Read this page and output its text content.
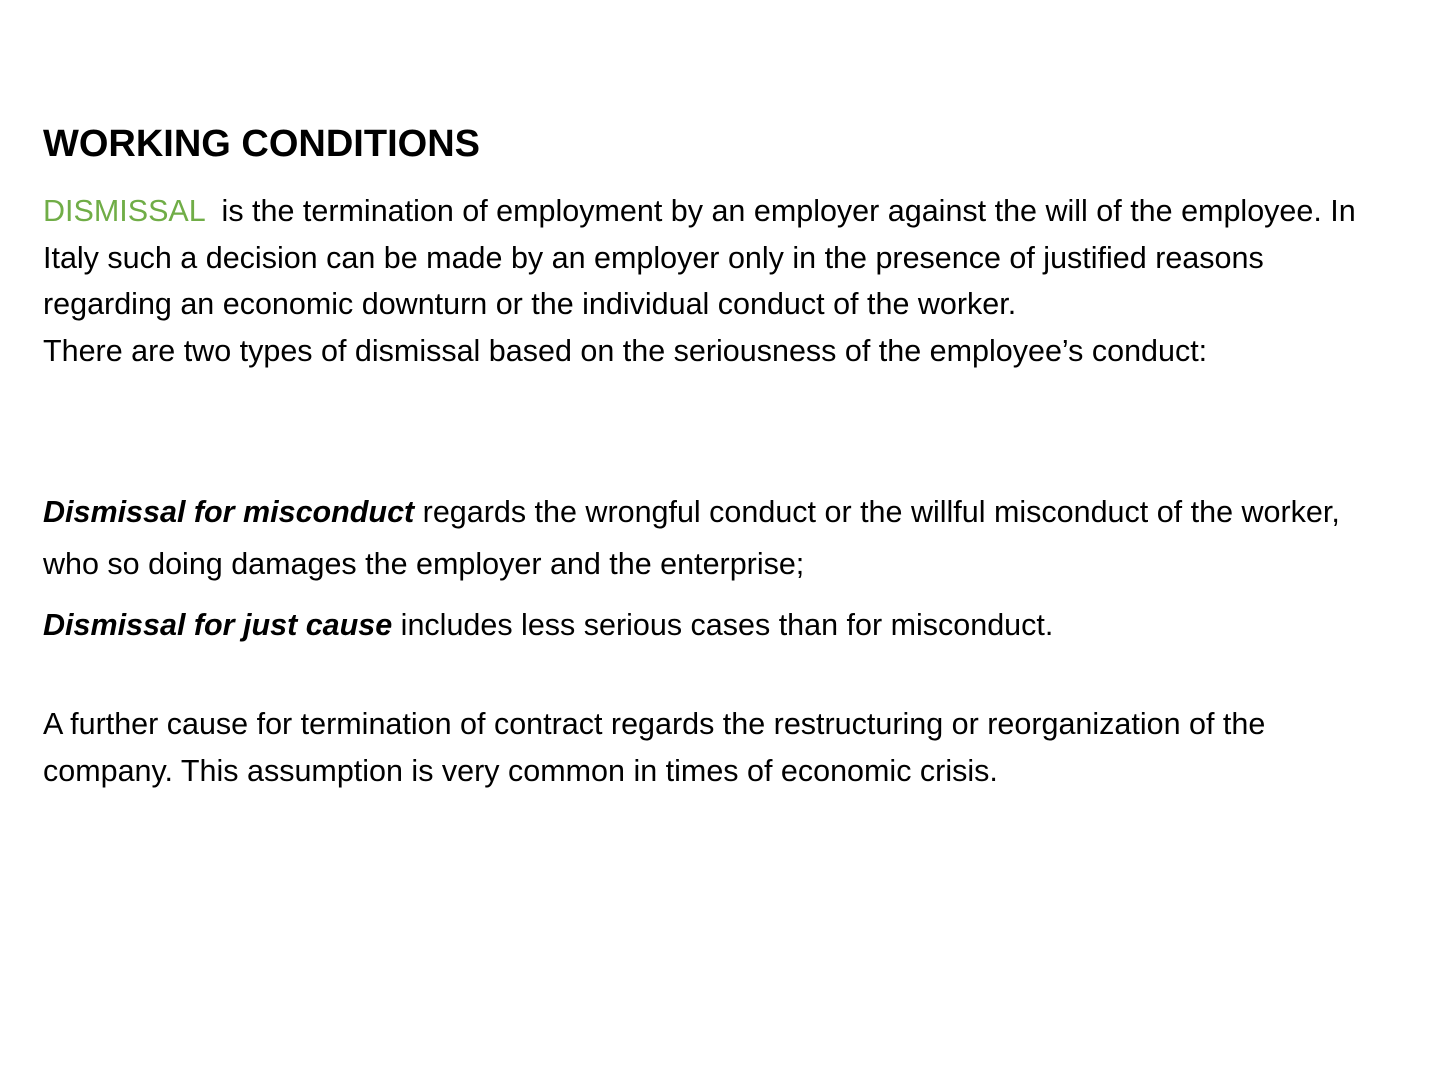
WORKING CONDITIONS

DISMISSAL  is the termination of employment by an employer against the will of the employee. In Italy such a decision can be made by an employer only in the presence of justified reasons regarding an economic downturn or the individual conduct of the worker.
There are two types of dismissal based on the seriousness of the employee’s conduct:

Dismissal for misconduct regards the wrongful conduct or the willful misconduct of the worker, who so doing damages the employer and the enterprise;

Dismissal for just cause includes less serious cases than for misconduct.

A further cause for termination of contract regards the restructuring or reorganization of the company. This assumption is very common in times of economic crisis.
